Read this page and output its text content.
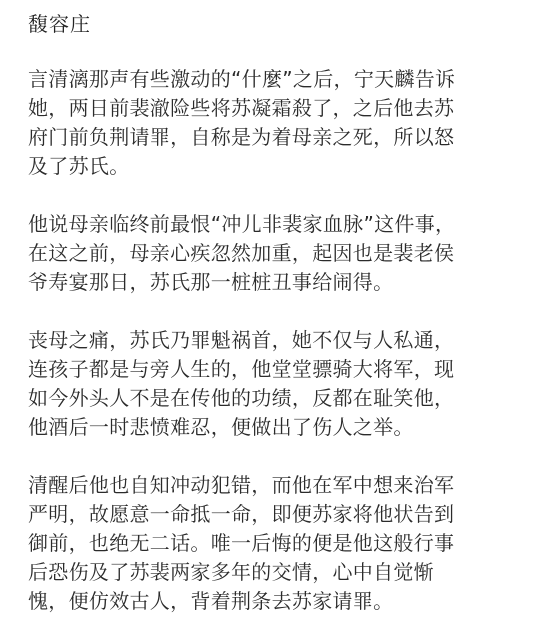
馥容庄
言清漓那声有些激动的“什麼”之后，宁天麟告诉
她，两日前裴澈险些将苏凝霜殺了，之后他去苏
府门前负荆请罪，自称是为着母亲之死，所以怒
及了苏氏。
他说母亲临终前最恨“冲儿非裴家血脉”这件事，
在这之前，母亲心疾忽然加重，起因也是裴老侯
爷寿宴那日，苏氏那一桩桩丑事给闹得。
丧母之痛，苏氏乃罪魁祸首，她不仅与人私通，
连孩子都是与旁人生的，他堂堂骠骑大将军，现
如今外头人不是在传他的功绩，反都在耻笑他，
他酒后一时悲愤难忍，便做出了伤人之举。
清醒后他也自知冲动犯错，而他在军中想来治军
严明，故愿意一命抵一命，即便苏家将他状告到
御前，也绝无二话。唯一后悔的便是他这般行事
后恐伤及了苏裴两家多年的交情，心中自觉惭
愧，便仿效古人，背着荆条去苏家请罪。
